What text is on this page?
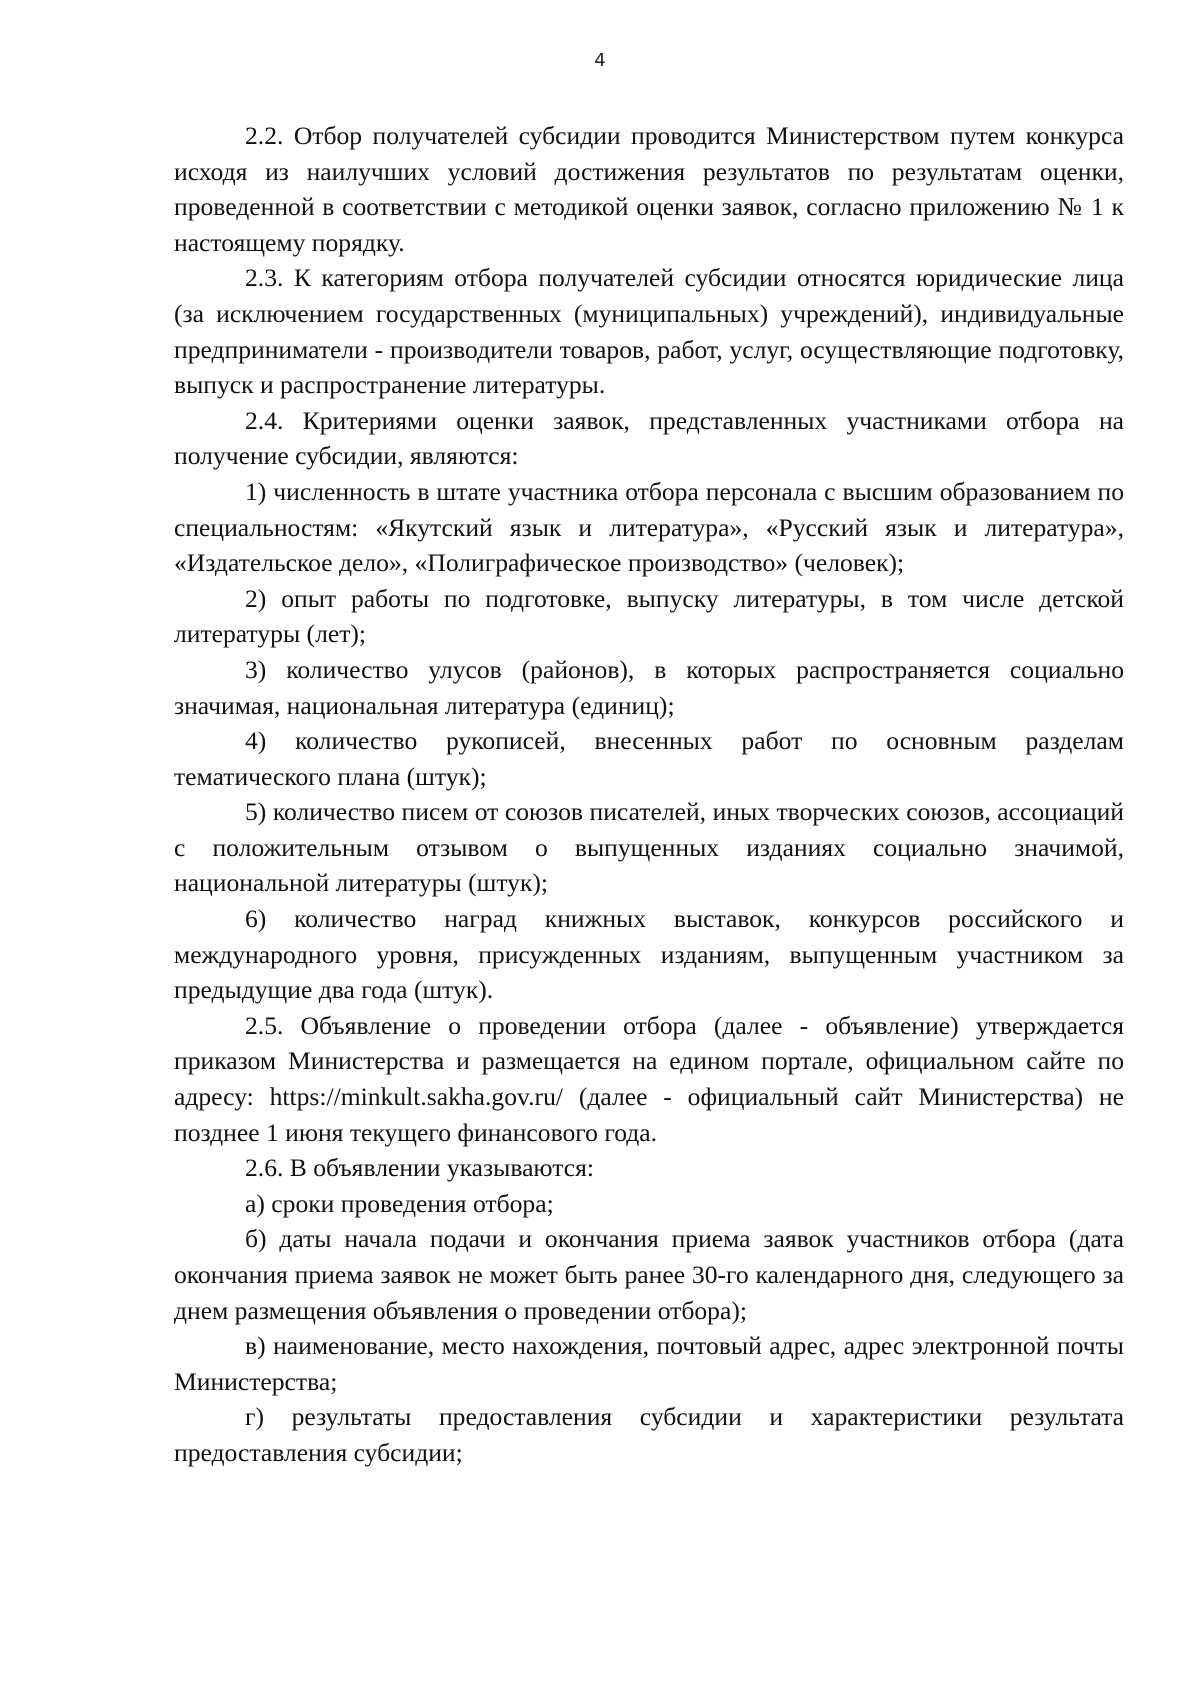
4

2.2. Отбор получателей субсидии проводится Министерством путем конкурса исходя из наилучших условий достижения результатов по результатам оценки, проведенной в соответствии с методикой оценки заявок, согласно приложению № 1 к настоящему порядку.

2.3. К категориям отбора получателей субсидии относятся юридические лица (за исключением государственных (муниципальных) учреждений), индивидуальные предприниматели - производители товаров, работ, услуг, осуществляющие подготовку, выпуск и распространение литературы.

2.4. Критериями оценки заявок, представленных участниками отбора на получение субсидии, являются:

1) численность в штате участника отбора персонала с высшим образованием по специальностям: «Якутский язык и литература», «Русский язык и литература», «Издательское дело», «Полиграфическое производство» (человек);

2) опыт работы по подготовке, выпуску литературы, в том числе детской литературы (лет);

3) количество улусов (районов), в которых распространяется социально значимая, национальная литература (единиц);

4) количество рукописей, внесенных работ по основным разделам тематического плана (штук);

5) количество писем от союзов писателей, иных творческих союзов, ассоциаций с положительным отзывом о выпущенных изданиях социально значимой, национальной литературы (штук);

6) количество наград книжных выставок, конкурсов российского и международного уровня, присужденных изданиям, выпущенным участником за предыдущие два года (штук).

2.5. Объявление о проведении отбора (далее - объявление) утверждается приказом Министерства и размещается на едином портале, официальном сайте по адресу: https://minkult.sakha.gov.ru/ (далее - официальный сайт Министерства) не позднее 1 июня текущего финансового года.

2.6. В объявлении указываются:

а) сроки проведения отбора;

б) даты начала подачи и окончания приема заявок участников отбора (дата окончания приема заявок не может быть ранее 30-го календарного дня, следующего за днем размещения объявления о проведении отбора);

в) наименование, место нахождения, почтовый адрес, адрес электронной почты Министерства;

г) результаты предоставления субсидии и характеристики результата предоставления субсидии;
